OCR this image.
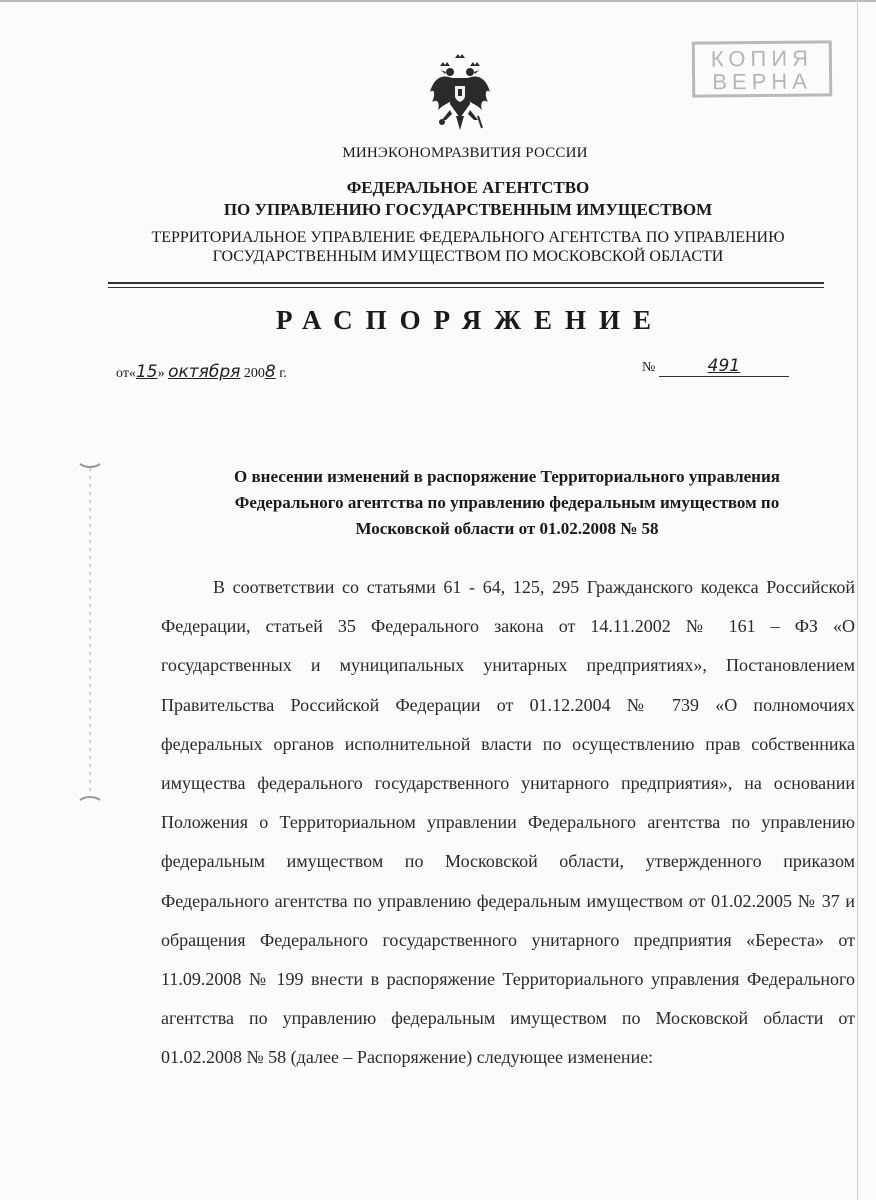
КОПИЯ
ВЕРНА
МИНЭКОНОМРАЗВИТИЯ РОССИИ
ФЕДЕРАЛЬНОЕ АГЕНТСТВО
ПО УПРАВЛЕНИЮ ГОСУДАРСТВЕННЫМ ИМУЩЕСТВОМ
ТЕРРИТОРИАЛЬНОЕ УПРАВЛЕНИЕ ФЕДЕРАЛЬНОГО АГЕНТСТВА ПО УПРАВЛЕНИЮ
ГОСУДАРСТВЕННЫМ ИМУЩЕСТВОМ ПО МОСКОВСКОЙ ОБЛАСТИ
РАСПОРЯЖЕНИЕ
от«15» октября 2008 г.	№	491
О внесении изменений в распоряжение Территориального управления
Федерального агентства по управлению федеральным имуществом по
Московской области от 01.02.2008 № 58
В соответствии со статьями 61 - 64, 125, 295 Гражданского кодекса Российской Федерации, статьей 35 Федерального закона от 14.11.2002 № 161 – ФЗ «О государственных и муниципальных унитарных предприятиях», Постановлением Правительства Российской Федерации от 01.12.2004 № 739 «О полномочиях федеральных органов исполнительной власти по осуществлению прав собственника имущества федерального государственного унитарного предприятия», на основании Положения о Территориальном управлении Федерального агентства по управлению федеральным имуществом по Московской области, утвержденного приказом Федерального агентства по управлению федеральным имуществом от 01.02.2005 № 37 и обращения Федерального государственного унитарного предприятия «Береста» от 11.09.2008 № 199 внести в распоряжение Территориального управления Федерального агентства по управлению федеральным имуществом по Московской области от 01.02.2008 № 58 (далее – Распоряжение) следующее изменение:
